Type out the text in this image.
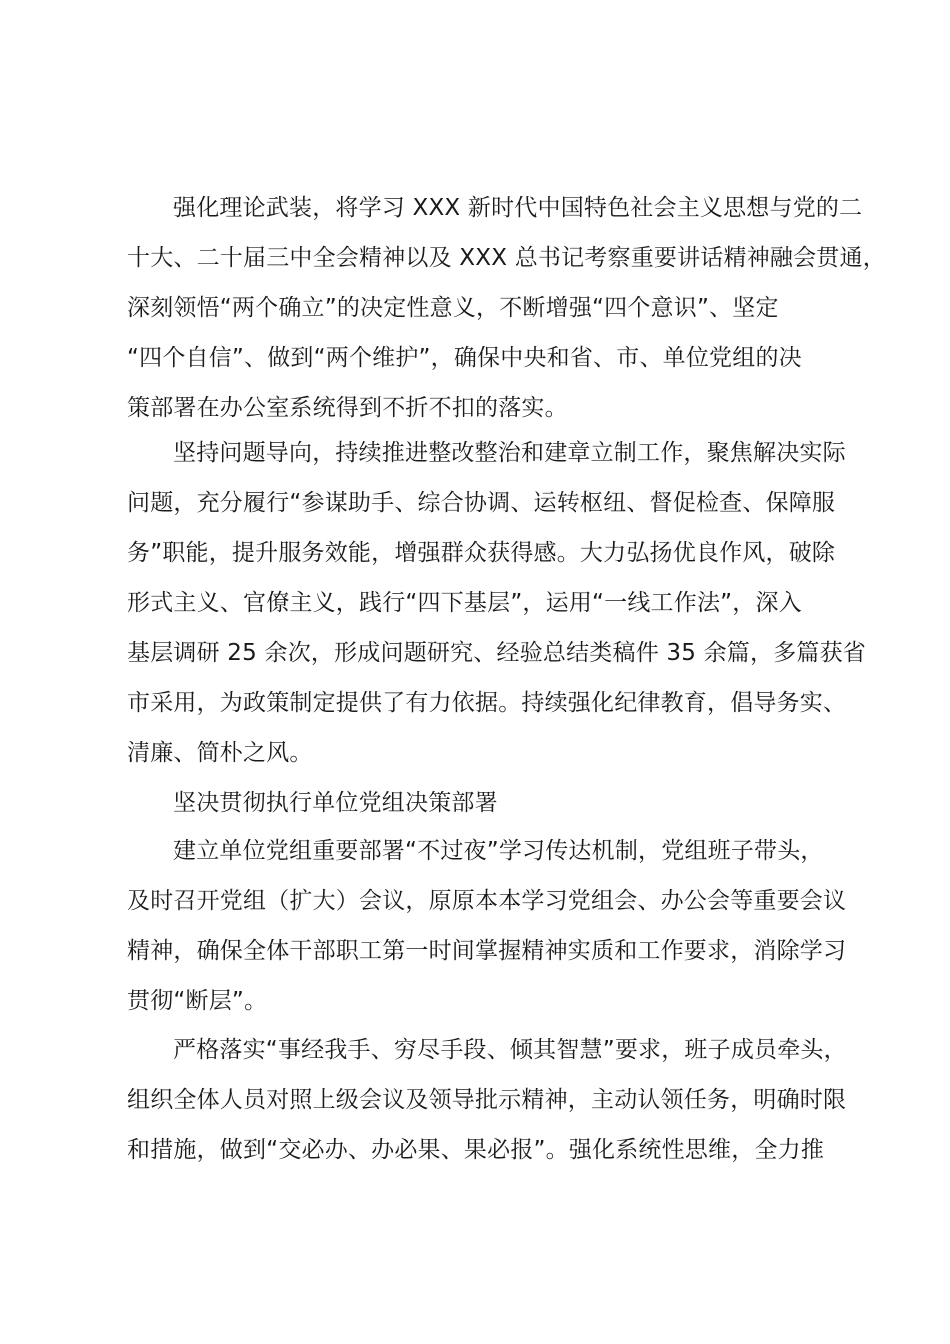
强化理论武装，将学习 XXX 新时代中国特色社会主义思想与党的二
十大、二十届三中全会精神以及 XXX 总书记考察重要讲话精神融会贯通，
深刻领悟“两个确立”的决定性意义，不断增强“四个意识”、坚定
“四个自信”、做到“两个维护”，确保中央和省、市、单位党组的决
策部署在办公室系统得到不折不扣的落实。
坚持问题导向，持续推进整改整治和建章立制工作，聚焦解决实际
问题，充分履行“参谋助手、综合协调、运转枢纽、督促检查、保障服
务”职能，提升服务效能，增强群众获得感。大力弘扬优良作风，破除
形式主义、官僚主义，践行“四下基层”，运用“一线工作法”，深入
基层调研 25 余次，形成问题研究、经验总结类稿件 35 余篇，多篇获省
市采用，为政策制定提供了有力依据。持续强化纪律教育，倡导务实、
清廉、简朴之风。
坚决贯彻执行单位党组决策部署
建立单位党组重要部署“不过夜”学习传达机制，党组班子带头，
及时召开党组（扩大）会议，原原本本学习党组会、办公会等重要会议
精神，确保全体干部职工第一时间掌握精神实质和工作要求，消除学习
贯彻“断层”。
严格落实“事经我手、穷尽手段、倾其智慧”要求，班子成员牵头，
组织全体人员对照上级会议及领导批示精神，主动认领任务，明确时限
和措施，做到“交必办、办必果、果必报”。强化系统性思维，全力推
